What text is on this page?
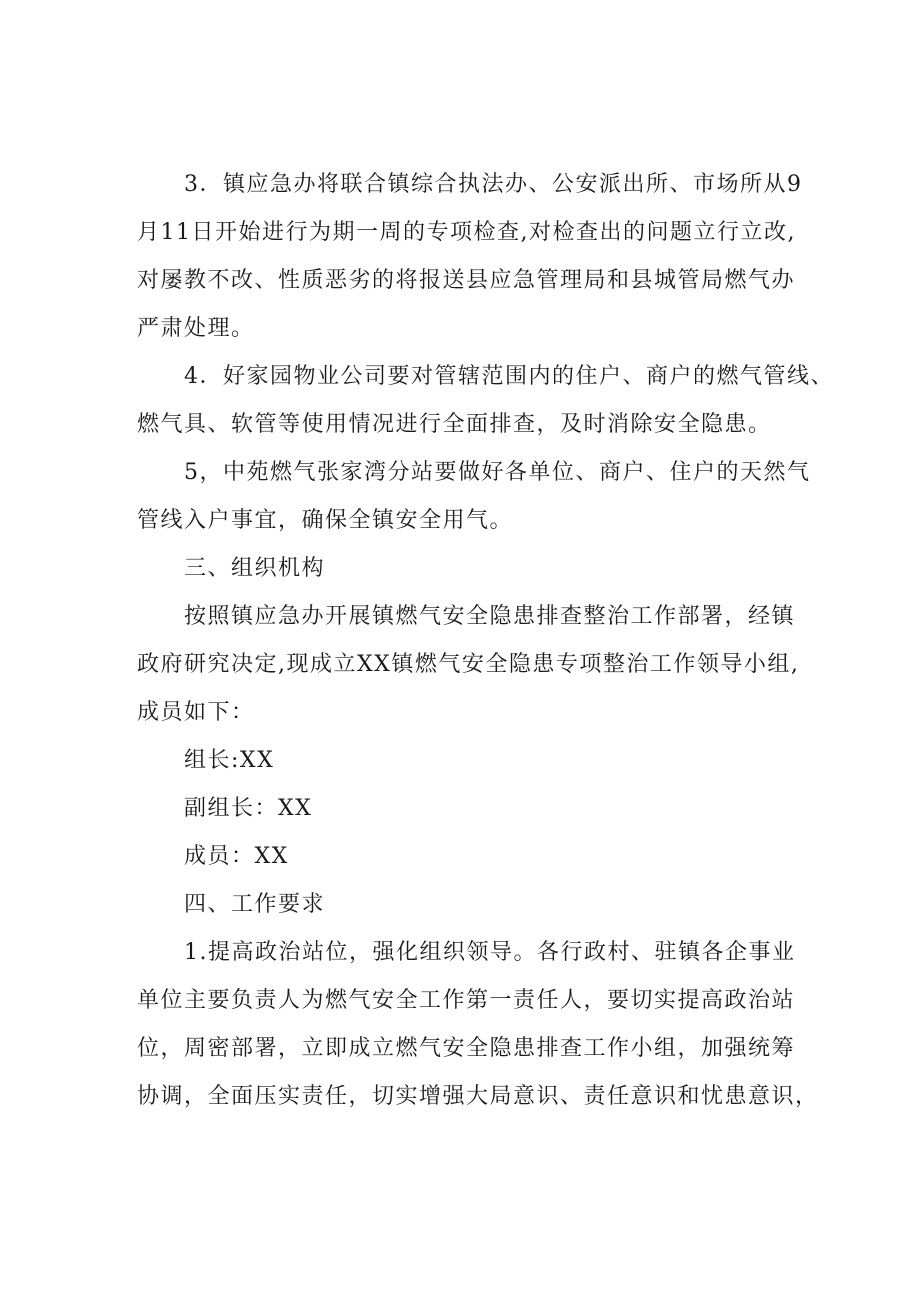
3．镇应急办将联合镇综合执法办、公安派出所、市场所从9
月11日开始进行为期一周的专项检查,对检查出的问题立行立改,
对屡教不改、性质恶劣的将报送县应急管理局和县城管局燃气办
严肃处理。
4．好家园物业公司要对管辖范围内的住户、商户的燃气管线、
燃气具、软管等使用情况进行全面排查，及时消除安全隐患。
5，中苑燃气张家湾分站要做好各单位、商户、住户的天然气
管线入户事宜，确保全镇安全用气。
三、组织机构
按照镇应急办开展镇燃气安全隐患排查整治工作部署，经镇
政府研究决定,现成立XX镇燃气安全隐患专项整治工作领导小组,
成员如下：
组长:XX
副组长：XX
成员：XX
四、工作要求
1.提高政治站位，强化组织领导。各行政村、驻镇各企事业
单位主要负责人为燃气安全工作第一责任人，要切实提高政治站
位，周密部署，立即成立燃气安全隐患排查工作小组，加强统筹
协调，全面压实责任，切实增强大局意识、责任意识和忧患意识，
